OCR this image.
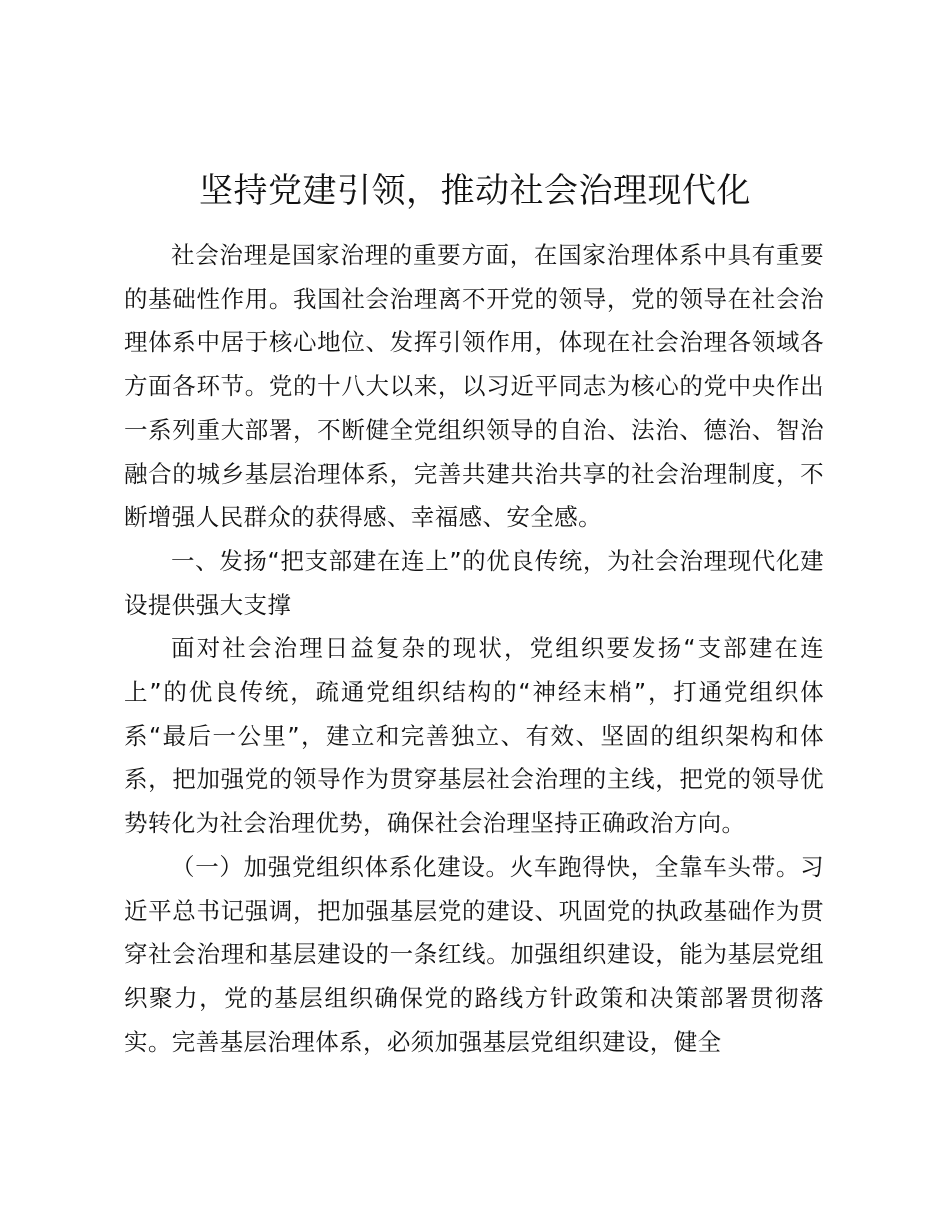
坚持党建引领，推动社会治理现代化

社会治理是国家治理的重要方面，在国家治理体系中具有重要的基础性作用。我国社会治理离不开党的领导，党的领导在社会治理体系中居于核心地位、发挥引领作用，体现在社会治理各领域各方面各环节。党的十八大以来，以习近平同志为核心的党中央作出一系列重大部署，不断健全党组织领导的自治、法治、德治、智治融合的城乡基层治理体系，完善共建共治共享的社会治理制度，不断增强人民群众的获得感、幸福感、安全感。

一、发扬“把支部建在连上”的优良传统，为社会治理现代化建设提供强大支撑

面对社会治理日益复杂的现状，党组织要发扬“支部建在连上”的优良传统，疏通党组织结构的“神经末梢”，打通党组织体系“最后一公里”，建立和完善独立、有效、坚固的组织架构和体系，把加强党的领导作为贯穿基层社会治理的主线，把党的领导优势转化为社会治理优势，确保社会治理坚持正确政治方向。

（一）加强党组织体系化建设。火车跑得快，全靠车头带。习近平总书记强调，把加强基层党的建设、巩固党的执政基础作为贯穿社会治理和基层建设的一条红线。加强组织建设，能为基层党组织聚力，党的基层组织确保党的路线方针政策和决策部署贯彻落实。完善基层治理体系，必须加强基层党组织建设，健全
